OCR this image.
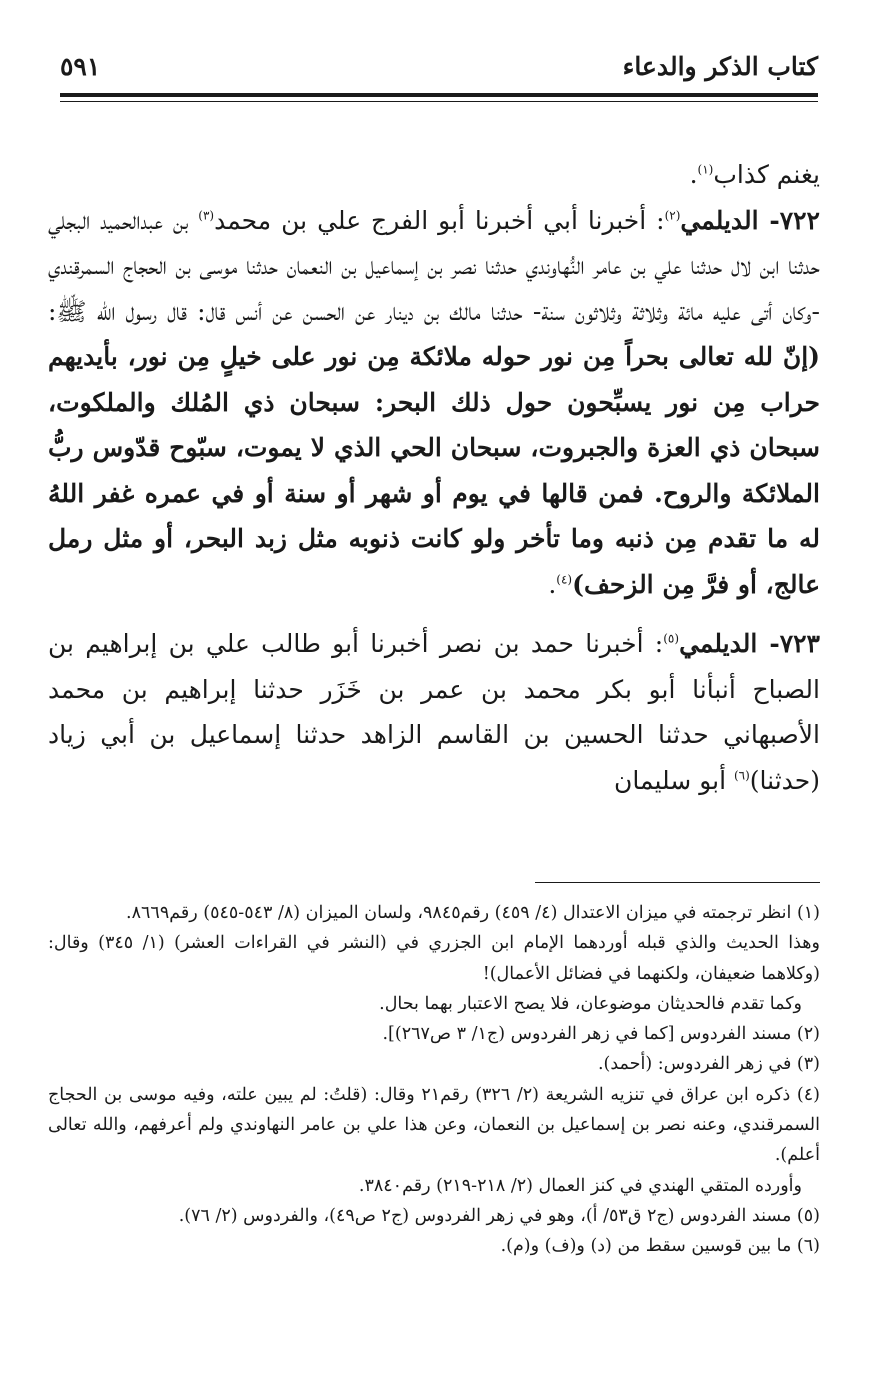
كتاب الذكر والدعاء
٥٩١

يغنم كذاب$^{(١)}$.

٧٢٢- الديلمي$^{(٢)}$: أخبرنا أبي أخبرنا أبو الفرج علي بن محمد$^{(٣)}$ بن عبدالحميد البجلي حدثنا ابن لال حدثنا علي بن عامر النُّهاوندي حدثنا نصر بن إسماعيل بن النعمان حدثنا موسى بن الحجاج السمرقندي -وكان أتى عليه مائة وثلاثة وثلاثون سنة- حدثنا مالك بن دينار عن الحسن عن أنس قال: قال رسول الله ﷺ: (إنّ لله تعالى بحراً مِن نور حوله ملائكة مِن نور على خيلٍ مِن نور، بأيديهم حراب مِن نور يسبِّحون حول ذلك البحر: سبحان ذي المُلك والملكوت، سبحان ذي العزة والجبروت، سبحان الحي الذي لا يموت، سبّوح قدّوس ربُّ الملائكة والروح. فمن قالها في يوم أو شهر أو سنة أو في عمره غفر اللهُ له ما تقدم مِن ذنبه وما تأخر ولو كانت ذنوبه مثل زبد البحر، أو مثل رمل عالج، أو فرَّ مِن الزحف)$^{(٤)}$.

٧٢٣- الديلمي$^{(٥)}$: أخبرنا حمد بن نصر أخبرنا أبو طالب علي بن إبراهيم بن الصباح أنبأنا أبو بكر محمد بن عمر بن خَزَر حدثنا إبراهيم بن محمد الأصبهاني حدثنا الحسين بن القاسم الزاهد حدثنا إسماعيل بن أبي زياد (حدثنا)$^{(٦)}$ أبو سليمان

(١) انظر ترجمته في ميزان الاعتدال (٤/ ٤٥٩) رقم٩٨٤٥، ولسان الميزان (٨/ ٥٤٣-٥٤٥) رقم٨٦٦٩.

وهذا الحديث والذي قبله أوردهما الإمام ابن الجزري في (النشر في القراءات العشر) (١/ ٣٤٥) وقال: (وكلاهما ضعيفان، ولكنهما في فضائل الأعمال)!

وكما تقدم فالحديثان موضوعان، فلا يصح الاعتبار بهما بحال.

(٢) مسند الفردوس [كما في زهر الفردوس (ج١/ ٣ ص٢٦٧)].

(٣) في زهر الفردوس: (أحمد).

(٤) ذكره ابن عراق في تنزيه الشريعة (٢/ ٣٢٦) رقم٢١ وقال: (قلتُ: لم يبين علته، وفيه موسى بن الحجاج السمرقندي، وعنه نصر بن إسماعيل بن النعمان، وعن هذا علي بن عامر النهاوندي ولم أعرفهم، والله تعالى أعلم).

وأورده المتقي الهندي في كنز العمال (٢/ ٢١٨-٢١٩) رقم٣٨٤٠.

(٥) مسند الفردوس (ج٢ ق٥٣/ أ)، وهو في زهر الفردوس (ج٢ ص٤٩)، والفردوس (٢/ ٧٦).

(٦) ما بين قوسين سقط من (د) و(ف) و(م).
